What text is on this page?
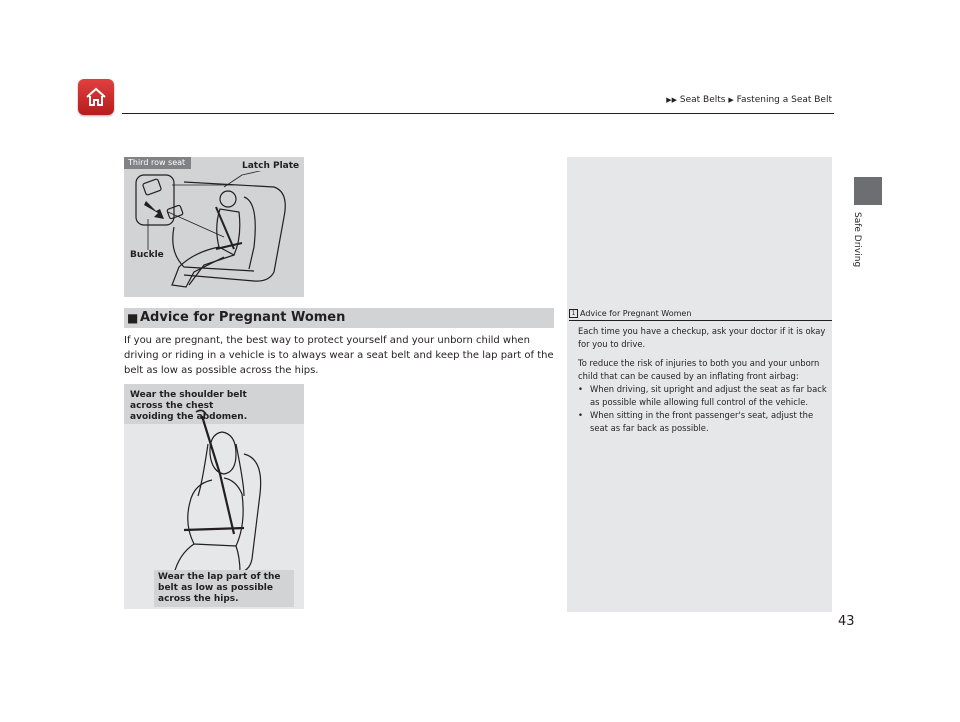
▶▶ Seat Belts ▶ Fastening a Seat Belt
Safe Driving
Third row seat	Latch Plate
Buckle
■ Advice for Pregnant Women
If you are pregnant, the best way to protect yourself and your unborn child when driving or riding in a vehicle is to always wear a seat belt and keep the lap part of the belt as low as possible across the hips.
Wear the shoulder belt across the chest avoiding the abdomen.
Wear the lap part of the belt as low as possible across the hips.
1 Advice for Pregnant Women

Each time you have a checkup, ask your doctor if it is okay for you to drive.

To reduce the risk of injuries to both you and your unborn child that can be caused by an inflating front airbag:

• When driving, sit upright and adjust the seat as far back as possible while allowing full control of the vehicle.
• When sitting in the front passenger's seat, adjust the seat as far back as possible.
43
